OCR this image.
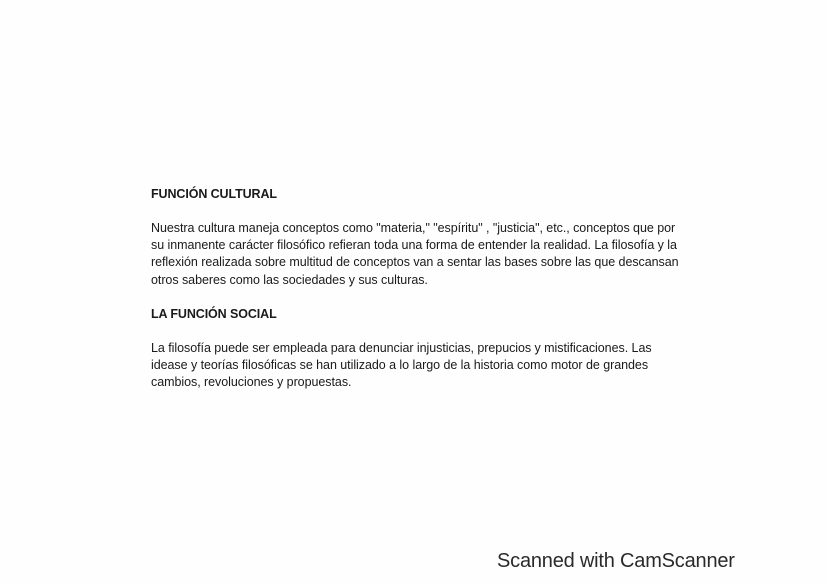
FUNCIÓN CULTURAL

Nuestra cultura maneja conceptos como "materia," "espíritu" , "justicia", etc., conceptos que por
su inmanente carácter filosófico refieran toda una forma de entender la realidad. La filosofía y la
reflexión realizada sobre multitud de conceptos van a sentar las bases sobre las que descansan
otros saberes como las sociedades y sus culturas.

LA FUNCIÓN SOCIAL

La filosofía puede ser empleada para denunciar injusticias, prepucios y mistificaciones. Las
idease y teorías filosóficas se han utilizado a lo largo de la historia como motor de grandes
cambios, revoluciones y propuestas.

Scanned with CamScanner
